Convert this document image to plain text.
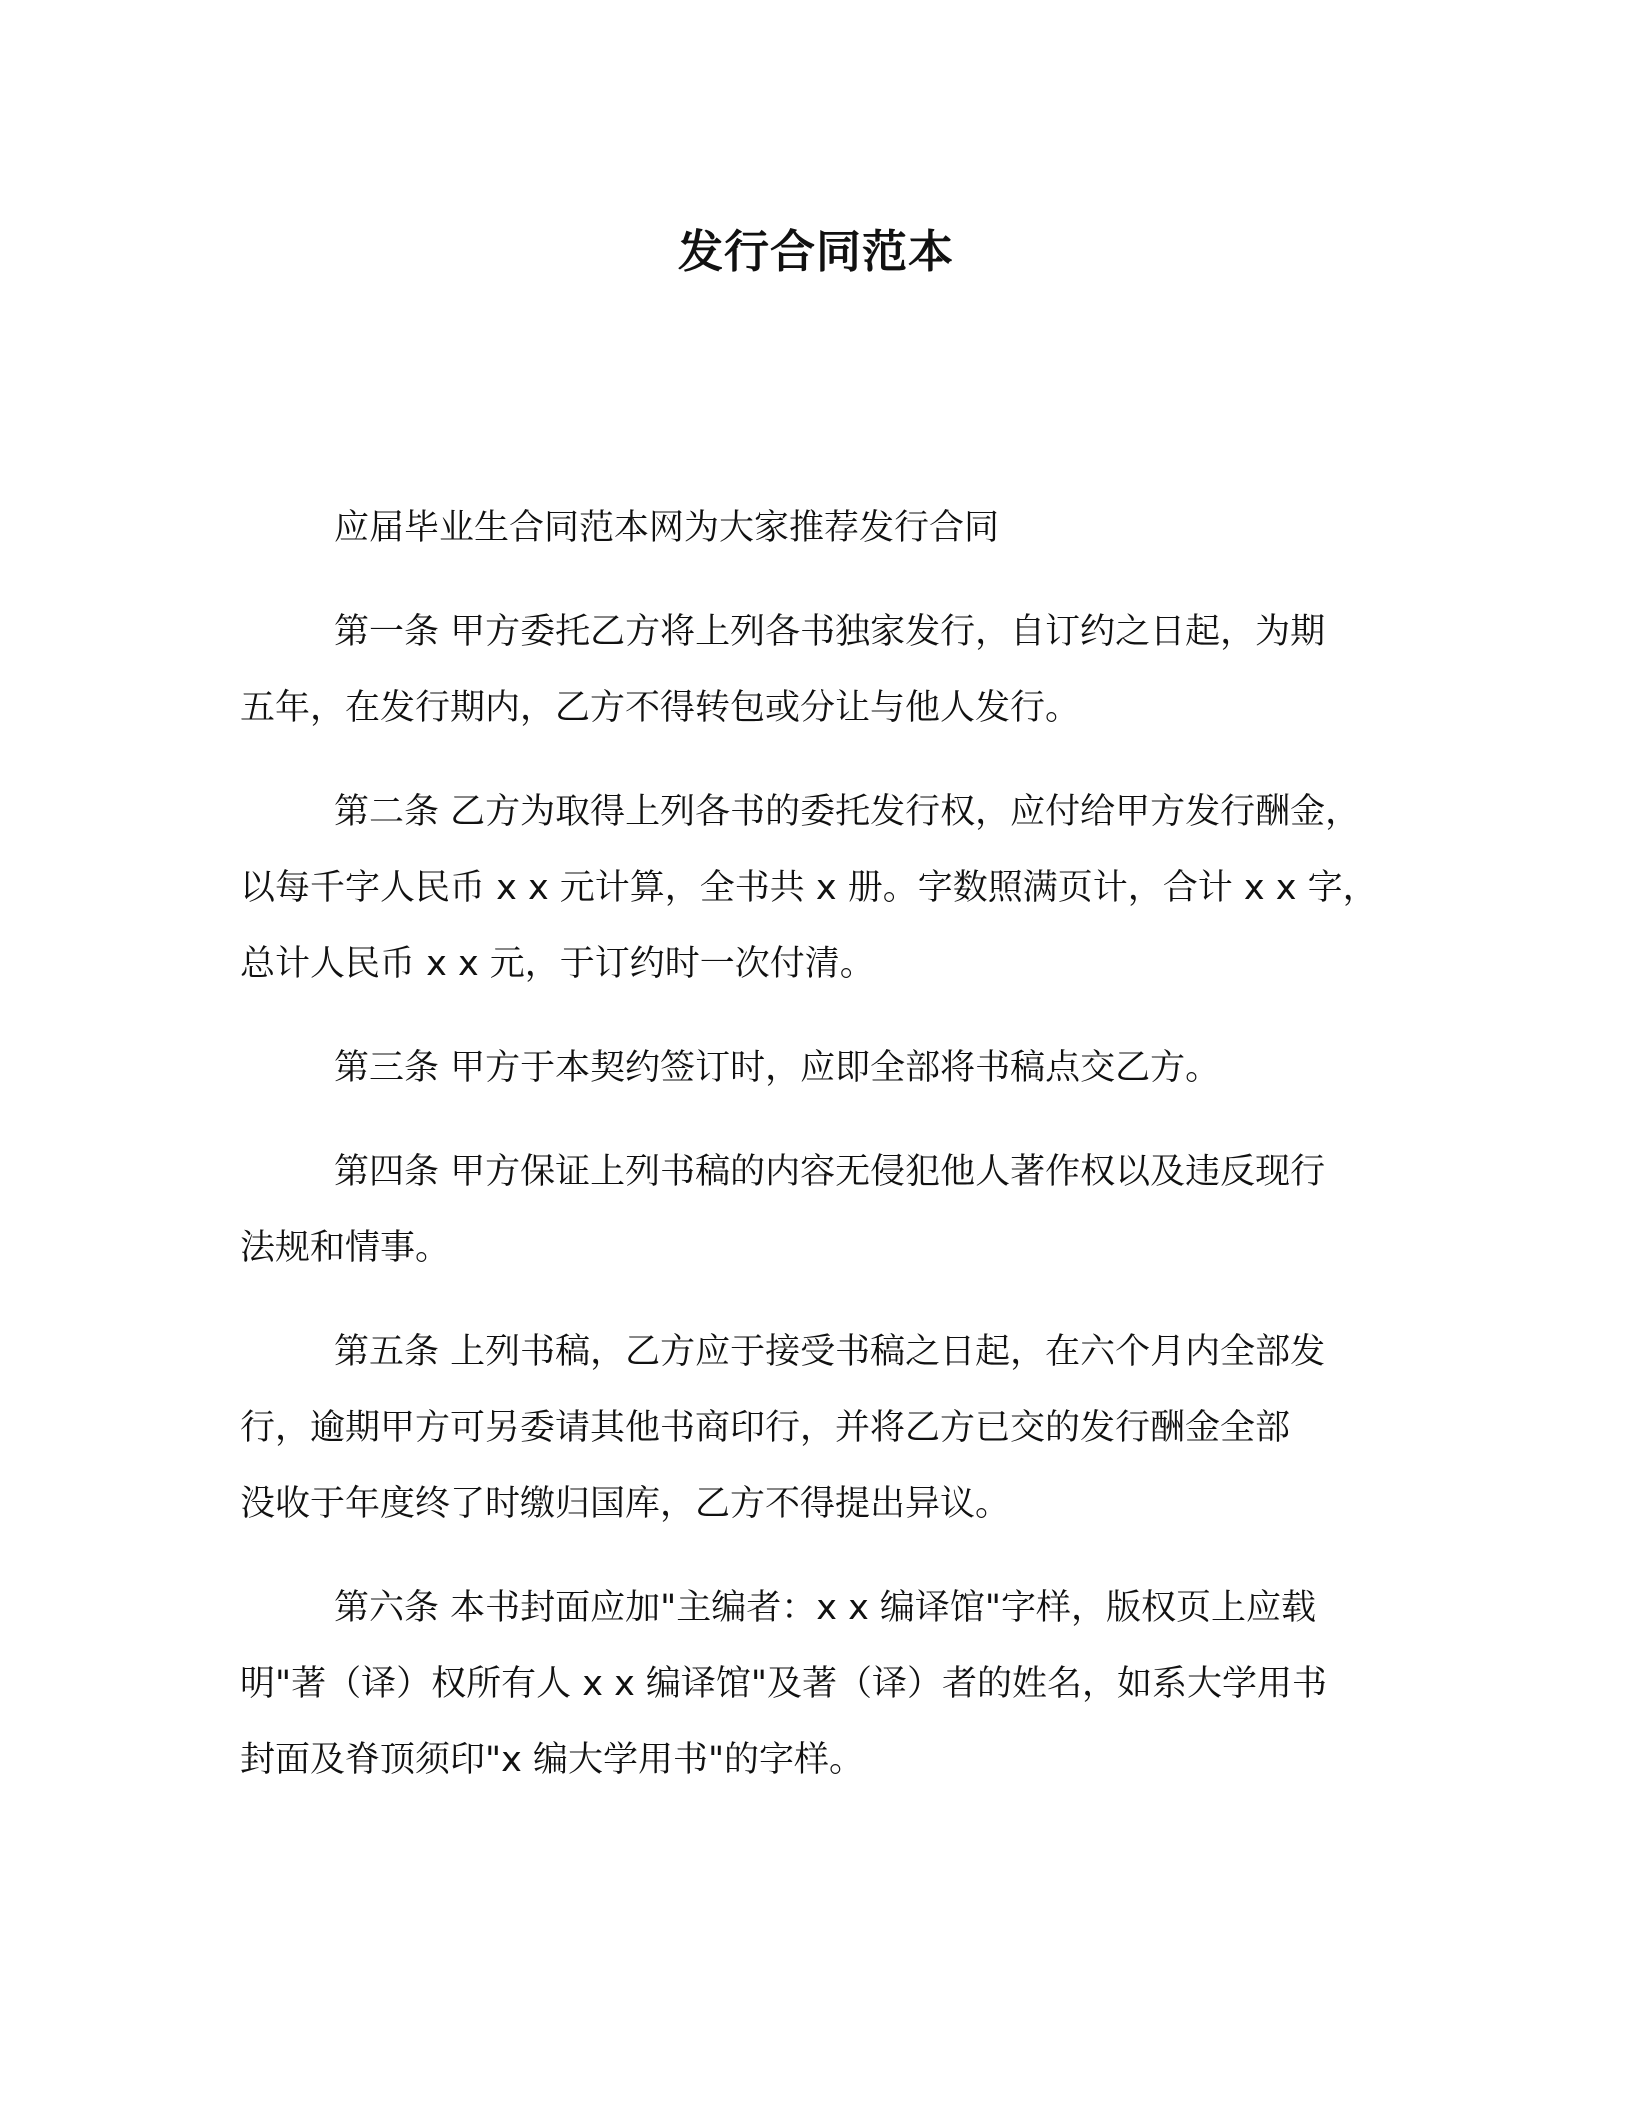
发行合同范本

应届毕业生合同范本网为大家推荐发行合同

第一条 甲方委托乙方将上列各书独家发行，自订约之日起，为期
五年，在发行期内，乙方不得转包或分让与他人发行。

第二条 乙方为取得上列各书的委托发行权，应付给甲方发行酬金，
以每千字人民币 x x 元计算，全书共 x 册。字数照满页计，合计 x x 字，
总计人民币 x x 元，于订约时一次付清。

第三条 甲方于本契约签订时，应即全部将书稿点交乙方。

第四条 甲方保证上列书稿的内容无侵犯他人著作权以及违反现行
法规和情事。

第五条 上列书稿，乙方应于接受书稿之日起，在六个月内全部发
行，逾期甲方可另委请其他书商印行，并将乙方已交的发行酬金全部
没收于年度终了时缴归国库，乙方不得提出异议。

第六条 本书封面应加"主编者：x x 编译馆"字样，版权页上应载
明"著（译）权所有人 x x 编译馆"及著（译）者的姓名，如系大学用书
封面及脊顶须印"x 编大学用书"的字样。
